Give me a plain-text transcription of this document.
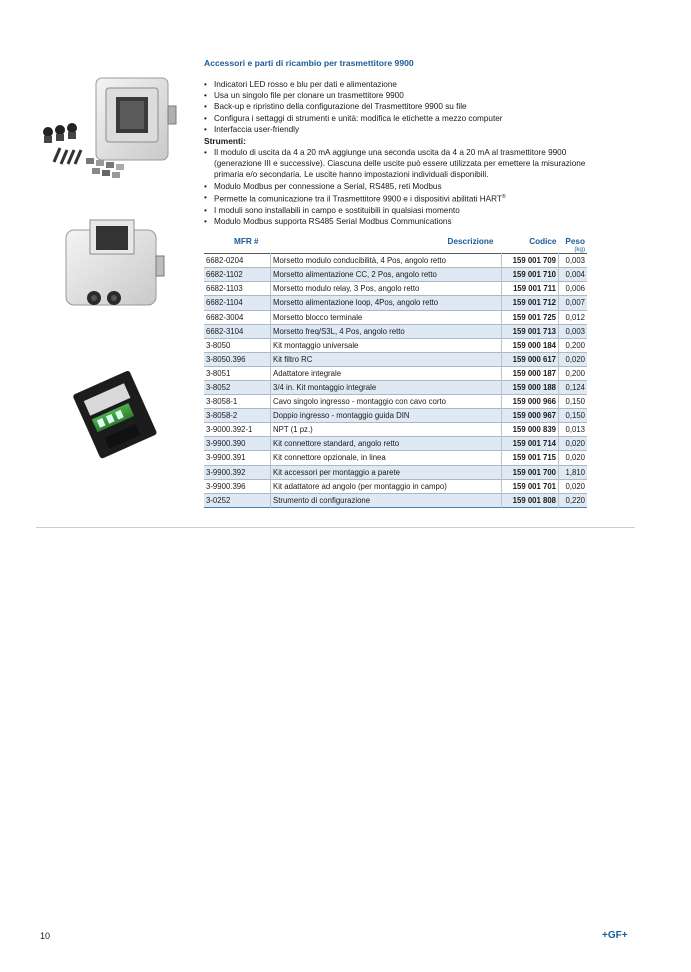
Accessori e parti di ricambio per trasmettitore 9900
• Indicatori LED rosso e blu per dati e alimentazione
• Usa un singolo file per clonare un trasmettitore 9900
• Back-up e ripristino della configurazione del Trasmettitore 9900 su file
• Configura i settaggi di strumenti e unità: modifica le etichette a mezzo computer
• Interfaccia user-friendly
Strumenti:
• Il modulo di uscita da 4 a 20 mA aggiunge una seconda uscita da 4 a 20 mA al trasmettitore 9900 (generazione III e successive). Ciascuna delle uscite può essere utilizzata per emettere la misurazione primaria e/o secondaria. Le uscite hanno impostazioni individuali disponibili.
• Modulo Modbus per connessione a Serial, RS485, reti Modbus
• Permette la comunicazione tra il Trasmettitore 9900 e i dispositivi abilitati HART®
• I moduli sono installabili in campo e sostituibili in qualsiasi momento
• Modulo Modbus supporta RS485 Serial Modbus Communications
MFR #	Descrizione	Codice	Peso
			(kg)
6682-0204	Morsetto modulo conducibilità, 4 Pos, angolo retto	159 001 709	0,003
6682-1102	Morsetto alimentazione CC, 2 Pos, angolo retto	159 001 710	0,004
6682-1103	Morsetto modulo relay, 3 Pos, angolo retto	159 001 711	0,006
6682-1104	Morsetto alimentazione loop, 4Pos, angolo retto	159 001 712	0,007
6682-3004	Morsetto blocco terminale	159 001 725	0,012
6682-3104	Morsetto freq/S3L, 4 Pos, angolo retto	159 001 713	0,003
3-8050	Kit montaggio universale	159 000 184	0,200
3-8050.396	Kit filtro RC	159 000 617	0,020
3-8051	Adattatore integrale	159 000 187	0,200
3-8052	3/4 in. Kit montaggio integrale	159 000 188	0,124
3-8058-1	Cavo singolo ingresso - montaggio con cavo corto	159 000 966	0,150
3-8058-2	Doppio ingresso - montaggio guida DIN	159 000 967	0,150
3-9000.392-1	NPT (1 pz.)	159 000 839	0,013
3-9900.390	Kit connettore standard, angolo retto	159 001 714	0,020
3-9900.391	Kit connettore opzionale, in linea	159 001 715	0,020
3-9900.392	Kit accessori per montaggio a parete	159 001 700	1,810
3-9900.396	Kit adattatore ad angolo (per montaggio in campo)	159 001 701	0,020
3-0252	Strumento di configurazione	159 001 808	0,220
10	+GF+
